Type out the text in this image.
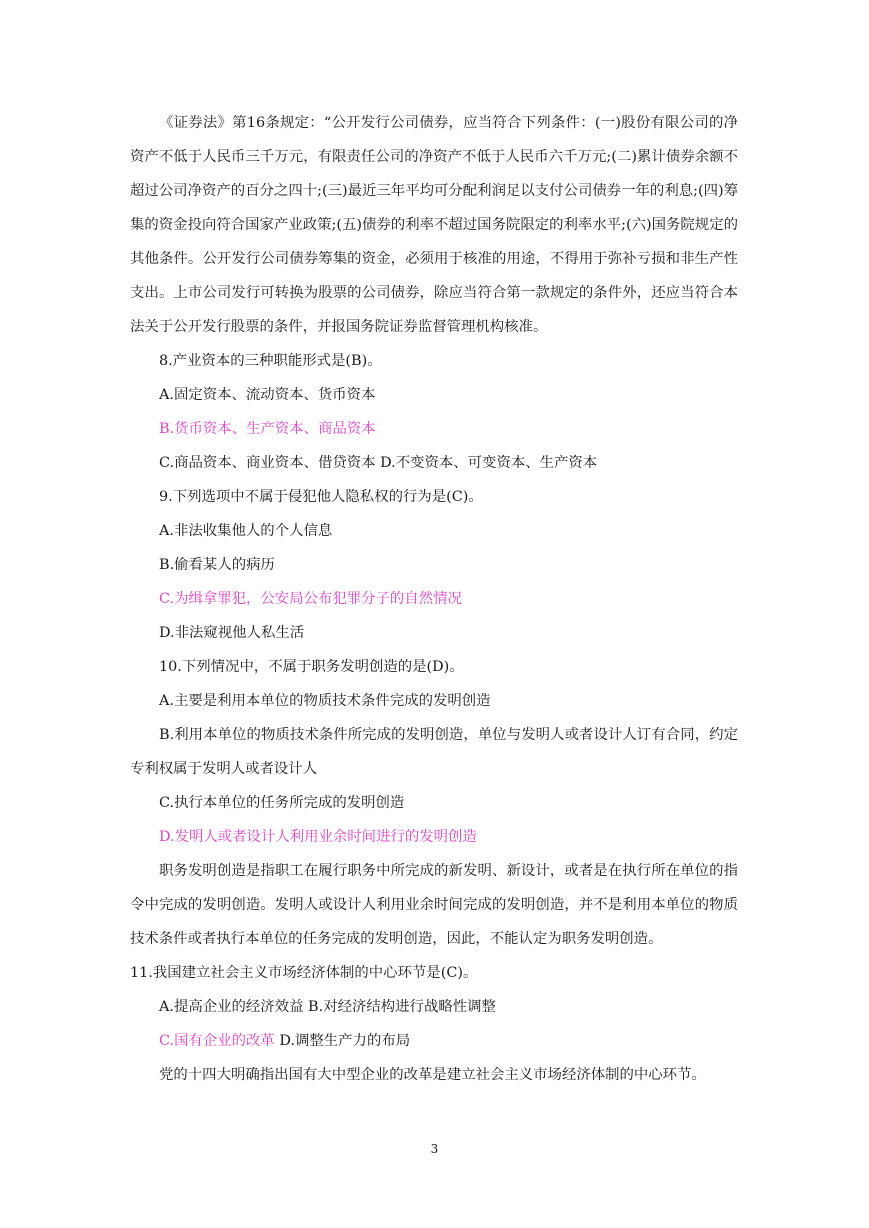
《证券法》第16条规定：“公开发行公司债券，应当符合下列条件：(一)股份有限公司的净资产不低于人民币三千万元，有限责任公司的净资产不低于人民币六千万元;(二)累计债券余额不超过公司净资产的百分之四十;(三)最近三年平均可分配利润足以支付公司债券一年的利息;(四)筹集的资金投向符合国家产业政策;(五)债券的利率不超过国务院限定的利率水平;(六)国务院规定的其他条件。公开发行公司债券筹集的资金，必须用于核准的用途，不得用于弥补亏损和非生产性支出。上市公司发行可转换为股票的公司债券，除应当符合第一款规定的条件外，还应当符合本法关于公开发行股票的条件，并报国务院证券监督管理机构核准。

8.产业资本的三种职能形式是(B)。

A.固定资本、流动资本、货币资本

B.货币资本、生产资本、商品资本

C.商品资本、商业资本、借贷资本 D.不变资本、可变资本、生产资本

9.下列选项中不属于侵犯他人隐私权的行为是(C)。

A.非法收集他人的个人信息

B.偷看某人的病历

C.为缉拿罪犯，公安局公布犯罪分子的自然情况

D.非法窥视他人私生活

10.下列情况中，不属于职务发明创造的是(D)。

A.主要是利用本单位的物质技术条件完成的发明创造

B.利用本单位的物质技术条件所完成的发明创造，单位与发明人或者设计人订有合同，约定专利权属于发明人或者设计人

C.执行本单位的任务所完成的发明创造

D.发明人或者设计人利用业余时间进行的发明创造

职务发明创造是指职工在履行职务中所完成的新发明、新设计，或者是在执行所在单位的指令中完成的发明创造。发明人或设计人利用业余时间完成的发明创造，并不是利用本单位的物质技术条件或者执行本单位的任务完成的发明创造，因此，不能认定为职务发明创造。

11.我国建立社会主义市场经济体制的中心环节是(C)。

A.提高企业的经济效益 B.对经济结构进行战略性调整

C.国有企业的改革 D.调整生产力的布局

党的十四大明确指出国有大中型企业的改革是建立社会主义市场经济体制的中心环节。

3
